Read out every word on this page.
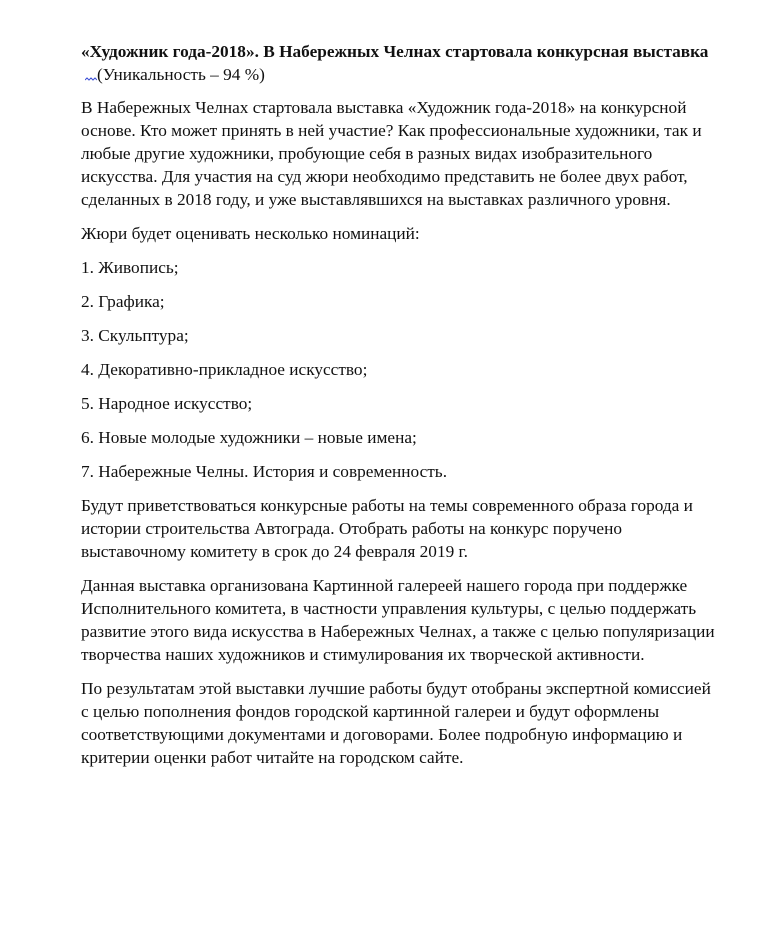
«Художник года-2018». В Набережных Челнах стартовала конкурсная выставка(Уникальность – 94 %)

В Набережных Челнах стартовала выставка «Художник года-2018» на конкурсной основе. Кто может принять в ней участие? Как профессиональные художники, так и любые другие художники, пробующие себя в разных видах изобразительного искусства. Для участия на суд жюри необходимо представить не более двух работ, сделанных в 2018 году, и уже выставлявшихся на выставках различного уровня.

Жюри будет оценивать несколько номинаций:

1. Живопись;
2. Графика;
3. Скульптура;
4. Декоративно-прикладное искусство;
5. Народное искусство;
6. Новые молодые художники – новые имена;
7. Набережные Челны. История и современность.

Будут приветствоваться конкурсные работы на темы современного образа города и истории строительства Автограда. Отобрать работы на конкурс поручено выставочному комитету в срок до 24 февраля 2019 г.

Данная выставка организована Картинной галереей нашего города при поддержке Исполнительного комитета, в частности управления культуры, с целью поддержать развитие этого вида искусства в Набережных Челнах, а также с целью популяризации творчества наших художников и стимулирования их творческой активности.

По результатам этой выставки лучшие работы будут отобраны экспертной комиссией с целью пополнения фондов городской картинной галереи и будут оформлены соответствующими документами и договорами. Более подробную информацию и критерии оценки работ читайте на городском сайте.
